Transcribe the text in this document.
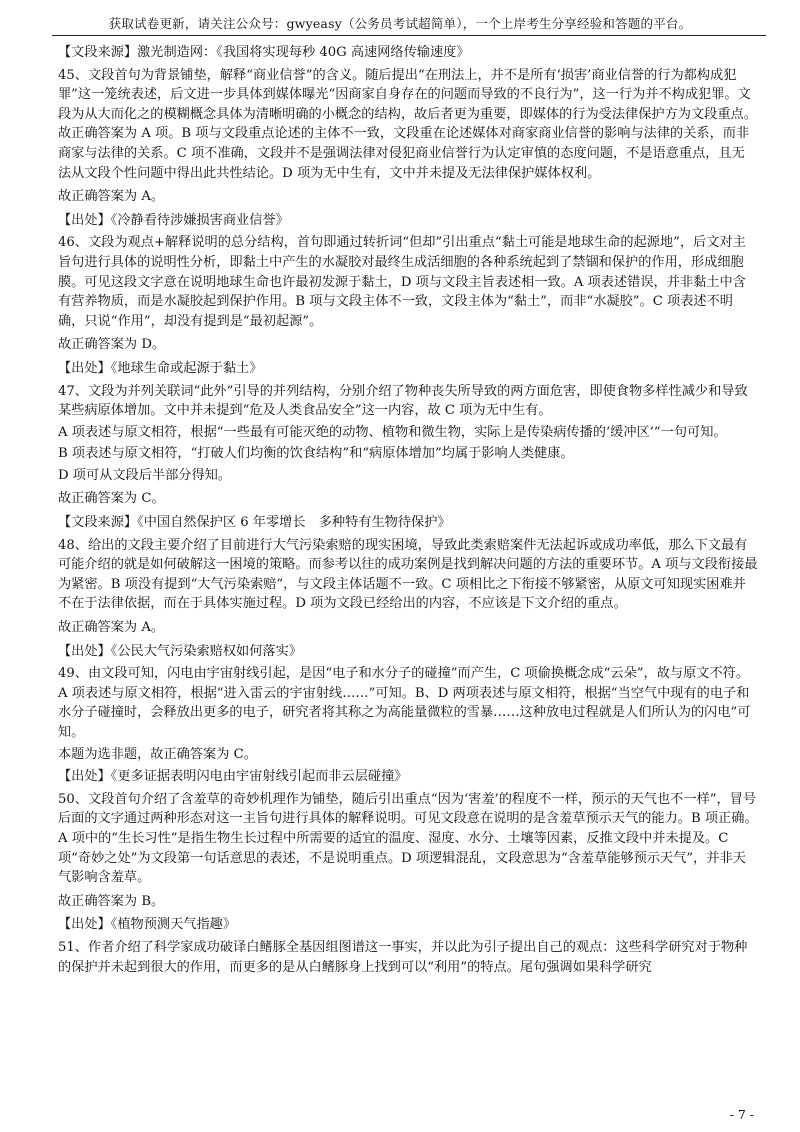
获取试卷更新，请关注公众号：gwyeasy（公务员考试超简单），一个上岸考生分享经验和答题的平台。

【文段来源】激光制造网：《我国将实现每秒 40G 高速网络传输速度》

45、文段首句为背景铺垫，解释“商业信誉”的含义。随后提出“在刑法上，并不是所有‘损害’商业信誉的行为都构成犯罪”这一笼统表述，后文进一步具体到媒体曝光“因商家自身存在的问题而导致的不良行为”，这一行为并不构成犯罪。文段为从大而化之的模糊概念具体为清晰明确的小概念的结构，故后者更为重要，即媒体的行为受法律保护方为文段重点。故正确答案为 A 项。B 项与文段重点论述的主体不一致，文段重在论述媒体对商家商业信誉的影响与法律的关系，而非商家与法律的关系。C 项不准确，文段并不是强调法律对侵犯商业信誉行为认定审慎的态度问题，不是语意重点，且无法从文段个性问题中得出此共性结论。D 项为无中生有，文中并未提及无法律保护媒体权利。

故正确答案为 A。

【出处】《冷静看待涉嫌损害商业信誉》

46、文段为观点+解释说明的总分结构，首句即通过转折词“但却”引出重点“黏土可能是地球生命的起源地”，后文对主旨句进行具体的说明性分析，即黏土中产生的水凝胶对最终生成活细胞的各种系统起到了禁锢和保护的作用，形成细胞膜。可见这段文字意在说明地球生命也许最初发源于黏土，D 项与文段主旨表述相一致。A 项表述错误，并非黏土中含有营养物质，而是水凝胶起到保护作用。B 项与文段主体不一致，文段主体为“黏土”，而非“水凝胶”。C 项表述不明确，只说“作用”，却没有提到是“最初起源”。

故正确答案为 D。

【出处】《地球生命或起源于黏土》

47、文段为并列关联词“此外”引导的并列结构，分别介绍了物种丧失所导致的两方面危害，即使食物多样性减少和导致某些病原体增加。文中并未提到“危及人类食品安全”这一内容，故 C 项为无中生有。

A 项表述与原文相符，根据“一些最有可能灭绝的动物、植物和微生物，实际上是传染病传播的‘缓冲区’”一句可知。

B 项表述与原文相符，“打破人们均衡的饮食结构”和“病原体增加”均属于影响人类健康。

D 项可从文段后半部分得知。

故正确答案为 C。

【文段来源】《中国自然保护区 6 年零增长　多种特有生物待保护》

48、给出的文段主要介绍了目前进行大气污染索赔的现实困境，导致此类索赔案件无法起诉或成功率低，那么下文最有可能介绍的就是如何破解这一困境的策略。而参考以往的成功案例是找到解决问题的方法的重要环节。A 项与文段衔接最为紧密。B 项没有提到“大气污染索赔”，与文段主体话题不一致。C 项相比之下衔接不够紧密，从原文可知现实困难并不在于法律依据，而在于具体实施过程。D 项为文段已经给出的内容，不应该是下文介绍的重点。

故正确答案为 A。

【出处】《公民大气污染索赔权如何落实》

49、由文段可知，闪电由宇宙射线引起，是因“电子和水分子的碰撞”而产生，C 项偷换概念成“云朵”，故与原文不符。A 项表述与原文相符，根据“进入雷云的宇宙射线……”可知。B、D 两项表述与原文相符，根据“当空气中现有的电子和水分子碰撞时，会释放出更多的电子，研究者将其称之为高能量微粒的雪暴……这种放电过程就是人们所认为的闪电”可知。

本题为选非题，故正确答案为 C。

【出处】《更多证据表明闪电由宇宙射线引起而非云层碰撞》

50、文段首句介绍了含羞草的奇妙机理作为铺垫，随后引出重点“因为‘害羞’的程度不一样，预示的天气也不一样”，冒号后面的文字通过两种形态对这一主旨句进行具体的解释说明。可见文段意在说明的是含羞草预示天气的能力。B 项正确。A 项中的“生长习性”是指生物生长过程中所需要的适宜的温度、湿度、水分、土壤等因素，反推文段中并未提及。C 项“奇妙之处”为文段第一句话意思的表述，不是说明重点。D 项逻辑混乱，文段意思为“含羞草能够预示天气”，并非天气影响含羞草。

故正确答案为 B。

【出处】《植物预测天气指趣》

51、作者介绍了科学家成功破译白鳍豚全基因组图谱这一事实，并以此为引子提出自己的观点：这些科学研究对于物种的保护并未起到很大的作用，而更多的是从白鳍豚身上找到可以“利用”的特点。尾句强调如果科学研究

- 7 -
